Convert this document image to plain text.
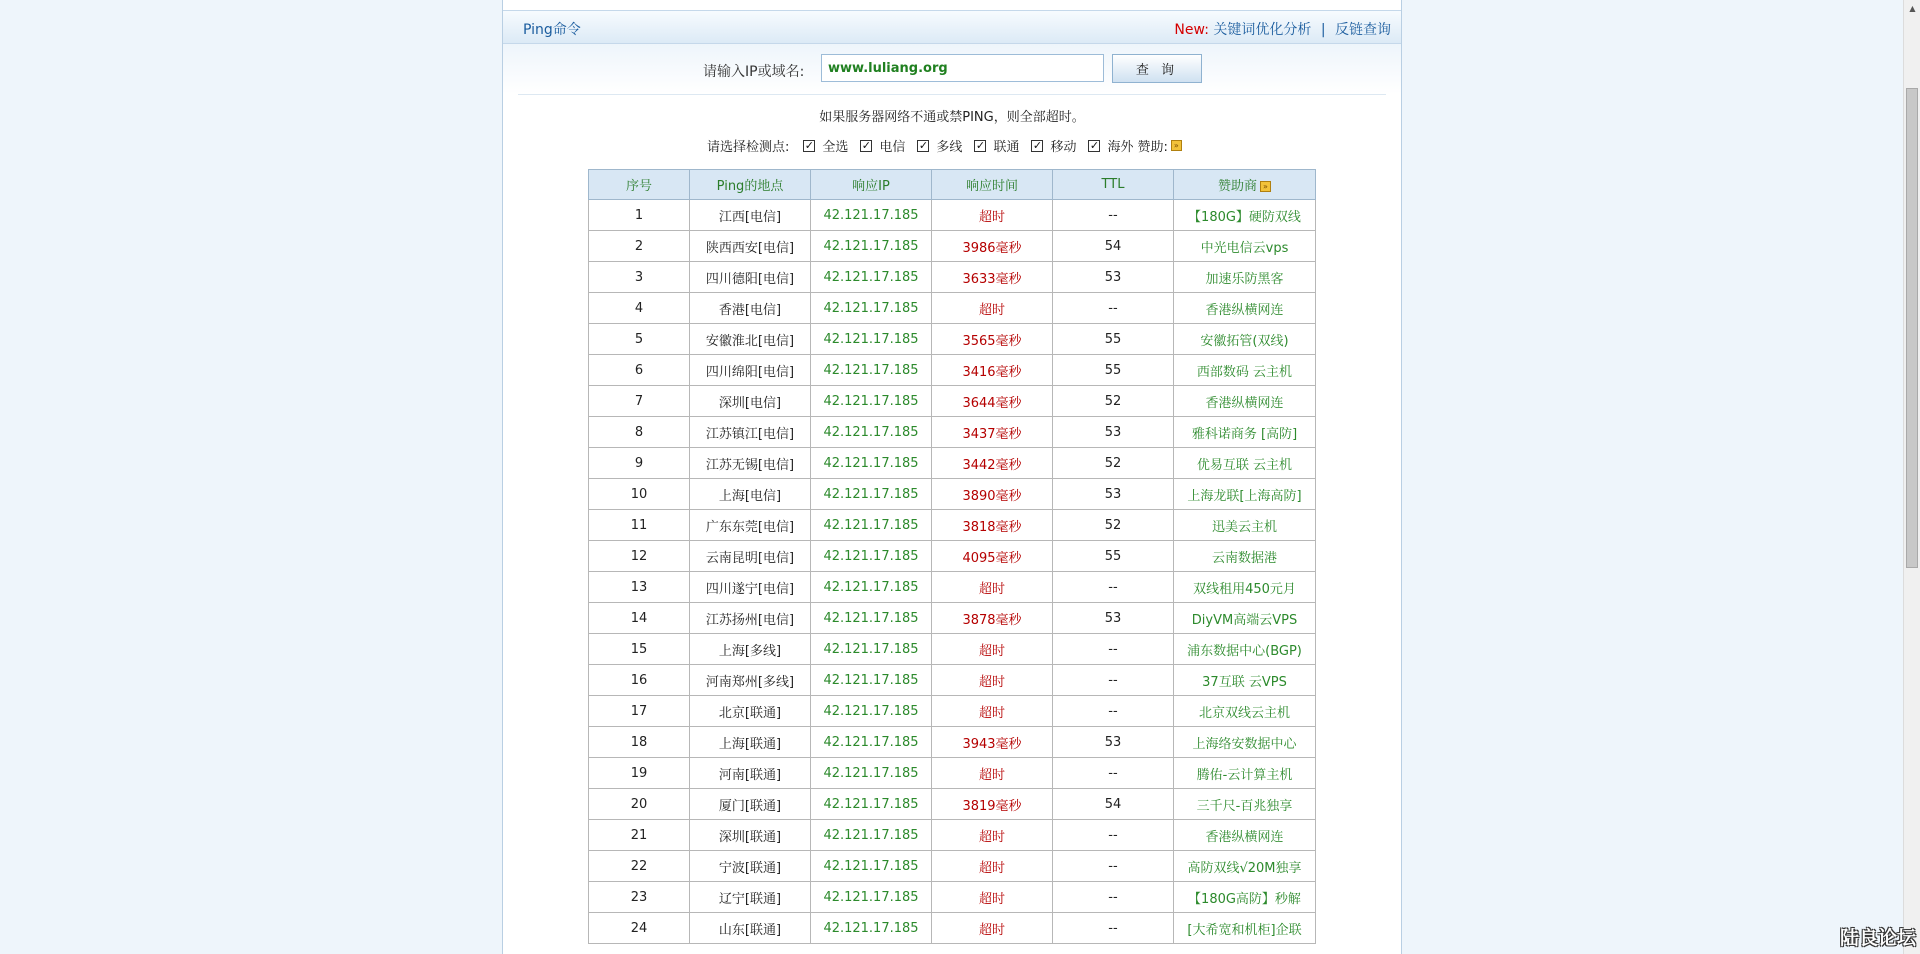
Ping命令	New: 关键词优化分析 | 反链查询
请输入IP或域名:
www.luliang.org	查 询
如果服务器网络不通或禁PING，则全部超时。
请选择检测点: ✓ 全选 ✓ 电信 ✓ 多线 ✓ 联通 ✓ 移动 ✓ 海外 赞助: »
序号	Ping的地点	响应IP	响应时间	TTL	赞助商 »
1	江西[电信]	42.121.17.185	超时	--	【180G】硬防双线
2	陕西西安[电信]	42.121.17.185	3986毫秒	54	中光电信云vps
3	四川德阳[电信]	42.121.17.185	3633毫秒	53	加速乐防黑客
4	香港[电信]	42.121.17.185	超时	--	香港纵横网连
5	安徽淮北[电信]	42.121.17.185	3565毫秒	55	安徽拓管(双线)
6	四川绵阳[电信]	42.121.17.185	3416毫秒	55	西部数码 云主机
7	深圳[电信]	42.121.17.185	3644毫秒	52	香港纵横网连
8	江苏镇江[电信]	42.121.17.185	3437毫秒	53	雅科诺商务 [高防]
9	江苏无锡[电信]	42.121.17.185	3442毫秒	52	优易互联 云主机
10	上海[电信]	42.121.17.185	3890毫秒	53	上海龙联[上海高防]
11	广东东莞[电信]	42.121.17.185	3818毫秒	52	迅美云主机
12	云南昆明[电信]	42.121.17.185	4095毫秒	55	云南数据港
13	四川遂宁[电信]	42.121.17.185	超时	--	双线租用450元月
14	江苏扬州[电信]	42.121.17.185	3878毫秒	53	DiyVM高端云VPS
15	上海[多线]	42.121.17.185	超时	--	浦东数据中心(BGP)
16	河南郑州[多线]	42.121.17.185	超时	--	37互联 云VPS
17	北京[联通]	42.121.17.185	超时	--	北京双线云主机
18	上海[联通]	42.121.17.185	3943毫秒	53	上海络安数据中心
19	河南[联通]	42.121.17.185	超时	--	腾佑-云计算主机
20	厦门[联通]	42.121.17.185	3819毫秒	54	三千尺-百兆独享
21	深圳[联通]	42.121.17.185	超时	--	香港纵横网连
22	宁波[联通]	42.121.17.185	超时	--	高防双线√20M独享
23	辽宁[联通]	42.121.17.185	超时	--	【180G高防】秒解
24	山东[联通]	42.121.17.185	超时	--	[大希宽和机柜]企联
▲
陆良论坛
